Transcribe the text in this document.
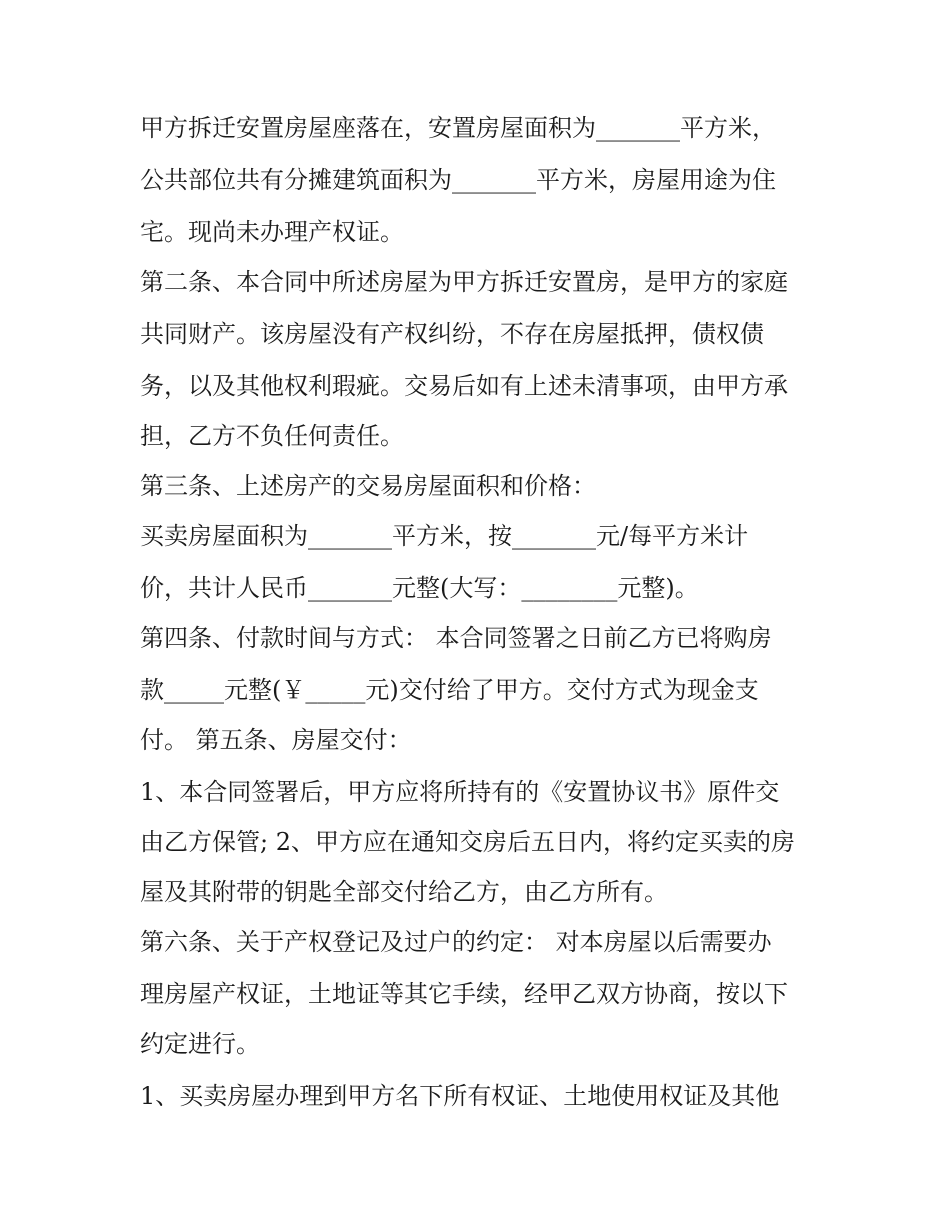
甲方拆迁安置房屋座落在，安置房屋面积为_______平方米，
公共部位共有分摊建筑面积为_______平方米，房屋用途为住
宅。现尚未办理产权证。
第二条、本合同中所述房屋为甲方拆迁安置房，是甲方的家庭
共同财产。该房屋没有产权纠纷，不存在房屋抵押，债权债
务，以及其他权利瑕疵。交易后如有上述未清事项，由甲方承
担，乙方不负任何责任。
第三条、上述房产的交易房屋面积和价格：
买卖房屋面积为_______平方米，按_______元/每平方米计
价，共计人民币_______元整(大写：________元整)。
第四条、付款时间与方式： 本合同签署之日前乙方已将购房
款_____元整(￥_____元)交付给了甲方。交付方式为现金支
付。 第五条、房屋交付：
1、本合同签署后，甲方应将所持有的《安置协议书》原件交
由乙方保管; 2、甲方应在通知交房后五日内，将约定买卖的房
屋及其附带的钥匙全部交付给乙方，由乙方所有。
第六条、关于产权登记及过户的约定： 对本房屋以后需要办
理房屋产权证，土地证等其它手续，经甲乙双方协商，按以下
约定进行。
1、买卖房屋办理到甲方名下所有权证、土地使用权证及其他
